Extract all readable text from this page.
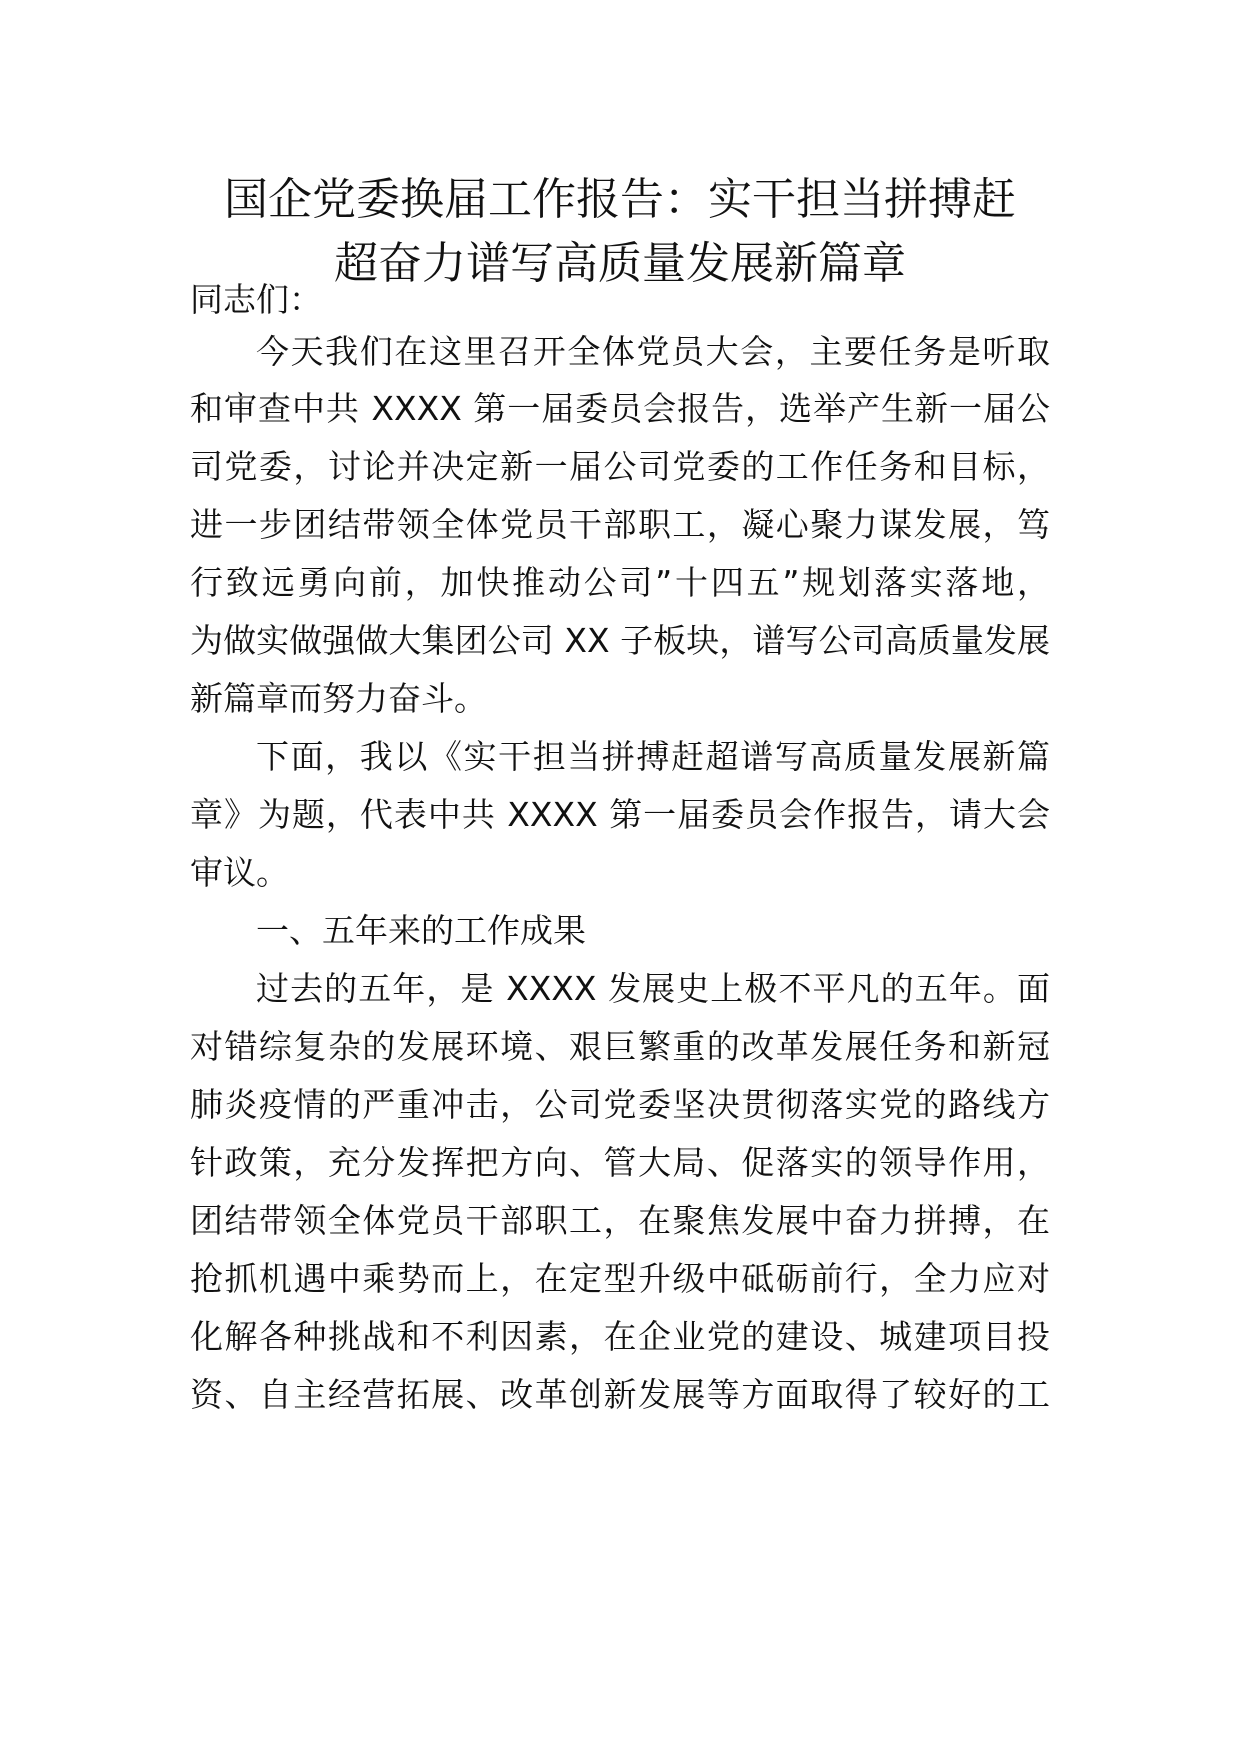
国企党委换届工作报告：实干担当拼搏赶
超奋力谱写高质量发展新篇章
同志们：
今天我们在这里召开全体党员大会，主要任务是听取
和审查中共 XXXX 第一届委员会报告，选举产生新一届公
司党委，讨论并决定新一届公司党委的工作任务和目标，
进一步团结带领全体党员干部职工，凝心聚力谋发展，笃
行致远勇向前，加快推动公司”十四五”规划落实落地，
为做实做强做大集团公司 XX 子板块，谱写公司高质量发展
新篇章而努力奋斗。
下面，我以《实干担当拼搏赶超谱写高质量发展新篇
章》为题，代表中共 XXXX 第一届委员会作报告，请大会
审议。
一、五年来的工作成果
过去的五年，是 XXXX 发展史上极不平凡的五年。面
对错综复杂的发展环境、艰巨繁重的改革发展任务和新冠
肺炎疫情的严重冲击，公司党委坚决贯彻落实党的路线方
针政策，充分发挥把方向、管大局、促落实的领导作用，
团结带领全体党员干部职工，在聚焦发展中奋力拼搏，在
抢抓机遇中乘势而上，在定型升级中砥砺前行，全力应对
化解各种挑战和不利因素，在企业党的建设、城建项目投
资、自主经营拓展、改革创新发展等方面取得了较好的工
